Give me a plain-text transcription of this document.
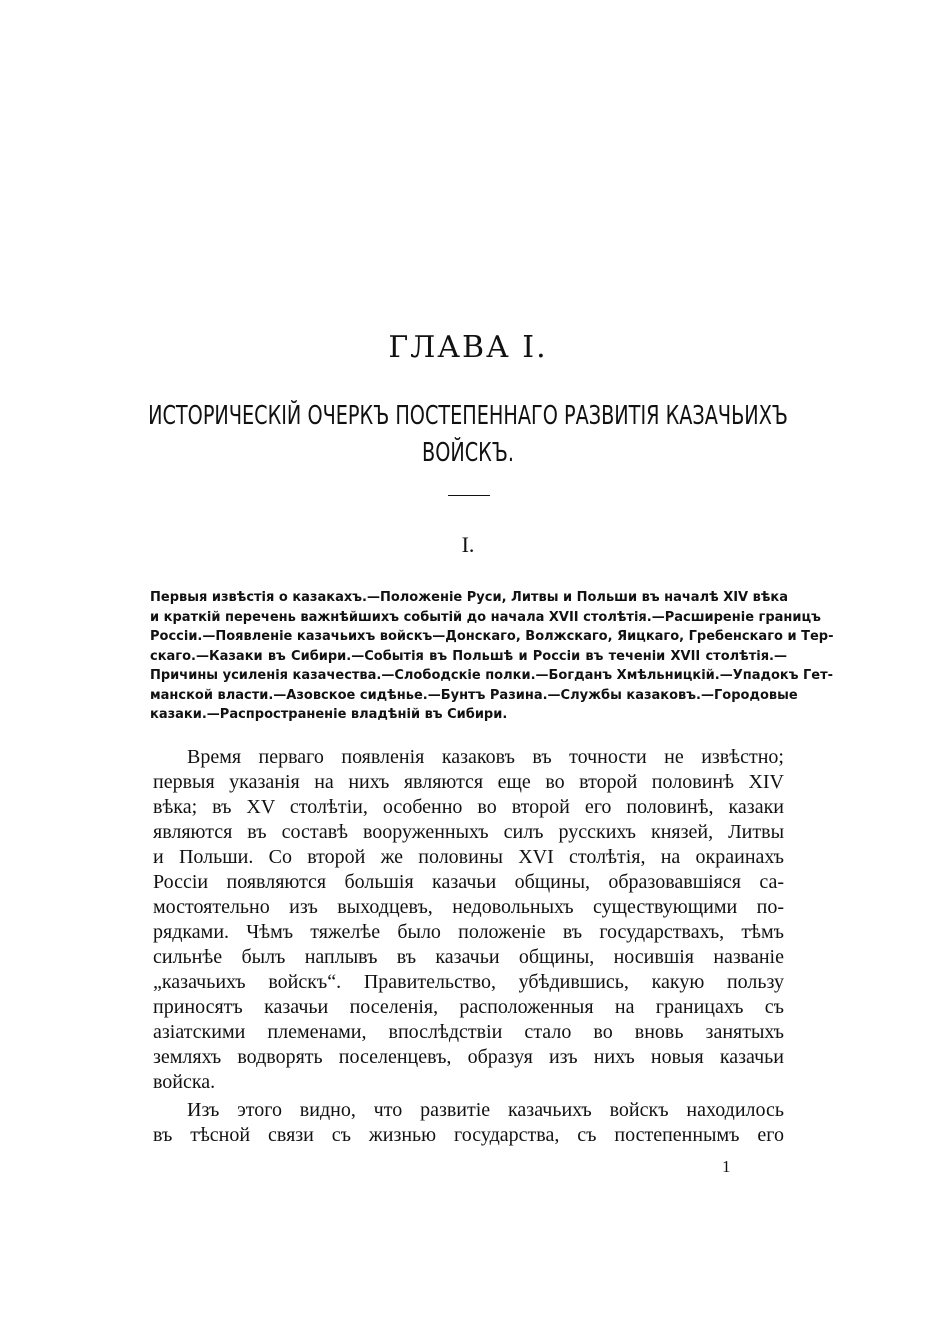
ГЛАВА I.
ИСТОРИЧЕСКІЙ ОЧЕРКЪ ПОСТЕПЕННАГО РАЗВИТІЯ КАЗАЧЬИХЪ
ВОЙСКЪ.
I.
Первыя извѣстія о казакахъ.—Положеніе Руси, Литвы и Польши въ началѣ XIV вѣка
и краткій перечень важнѣйшихъ событій до начала XVII столѣтія.—Расширеніе границъ
Россіи.—Появленіе казачьихъ войскъ—Донскаго, Волжскаго, Яицкаго, Гребенскаго и Тер-
скаго.—Казаки въ Сибири.—Событія въ Польшѣ и Россіи въ теченіи XVII столѣтія.—
Причины усиленія казачества.—Слободскіе полки.—Богданъ Хмѣльницкій.—Упадокъ Гет-
манской власти.—Азовское сидѣнье.—Бунтъ Разина.—Службы казаковъ.—Городовые
казаки.—Распространеніе владѣній въ Сибири.
Время перваго появленія казаковъ въ точности не извѣстно;
первыя указанія на нихъ являются еще во второй половинѣ XIV
вѣка; въ XV столѣтіи, особенно во второй его половинѣ, казаки
являются въ составѣ вооруженныхъ силъ русскихъ князей, Литвы
и Польши. Со второй же половины XVI столѣтія, на окраинахъ
Россіи появляются большія казачьи общины, образовавшіяся са-
мостоятельно изъ выходцевъ, недовольныхъ существующими по-
рядками. Чѣмъ тяжелѣе было положеніе въ государствахъ, тѣмъ
сильнѣе былъ наплывъ въ казачьи общины, носившія названіе
„казачьихъ войскъ“. Правительство, убѣдившись, какую пользу
приносятъ казачьи поселенія, расположенныя на границахъ съ
азіатскими племенами, впослѣдствіи стало во вновь занятыхъ
земляхъ водворять поселенцевъ, образуя изъ нихъ новыя казачьи
войска.
Изъ этого видно, что развитіе казачьихъ войскъ находилось
въ тѣсной связи съ жизнью государства, съ постепеннымъ его
1
